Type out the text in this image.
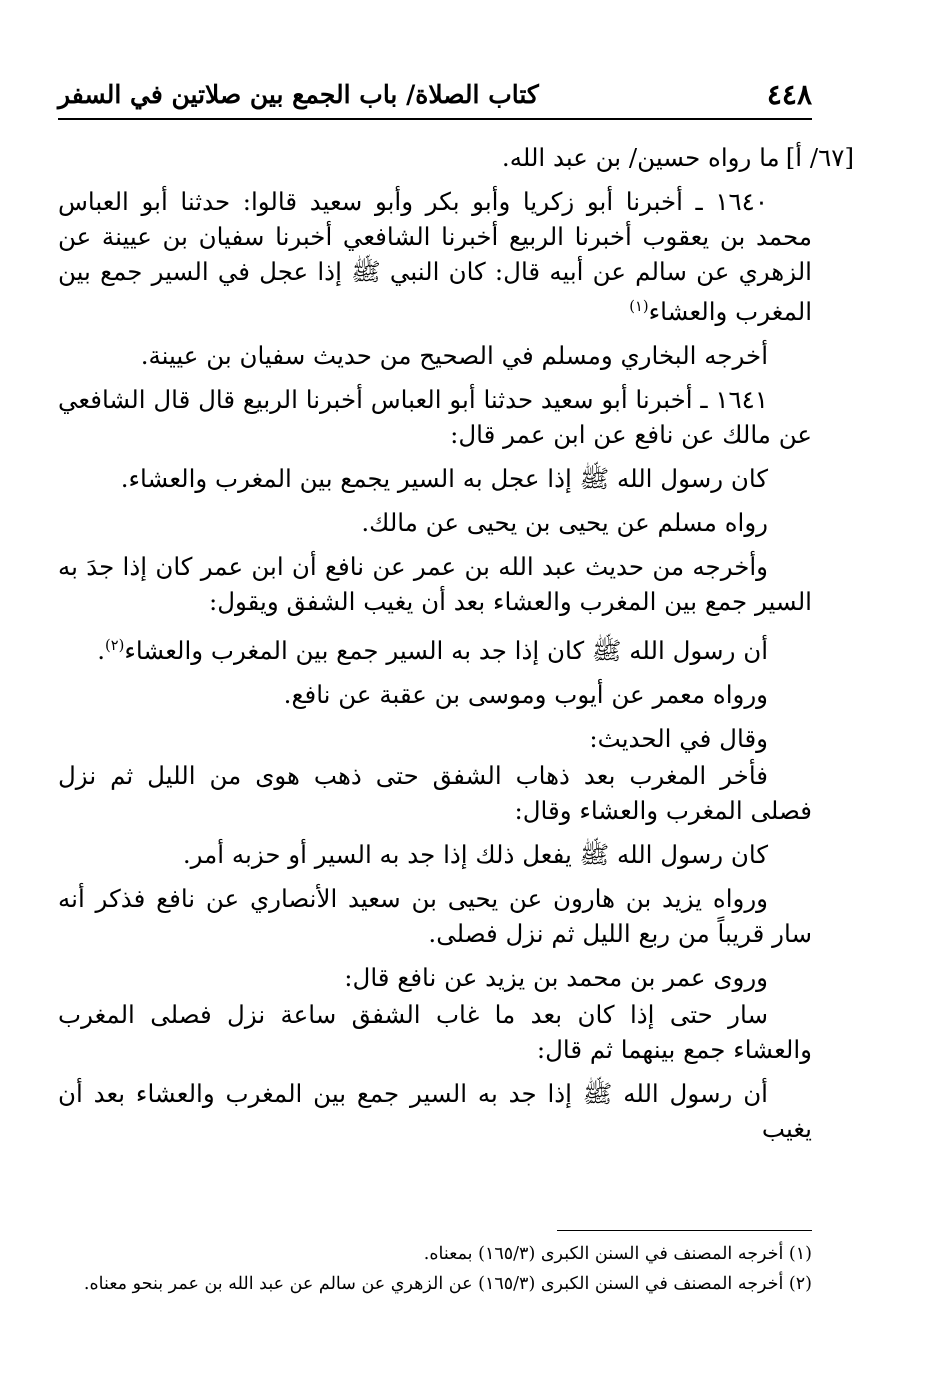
٤٤٨
كتاب الصلاة/ باب الجمع بين صلاتين في السفر

[٦٧/ أ]ما رواه حسين/ بن عبد الله.

١٦٤٠ ـ أخبرنا أبو زكريا وأبو بكر وأبو سعيد قالوا: حدثنا أبو العباس محمد بن يعقوب أخبرنا الربيع أخبرنا الشافعي أخبرنا سفيان بن عيينة عن الزهري عن سالم عن أبيه قال: كان النبي ﷺ إذا عجل في السير جمع بين المغرب والعشاء$^{(١)}$

أخرجه البخاري ومسلم في الصحيح من حديث سفيان بن عيينة.

١٦٤١ ـ أخبرنا أبو سعيد حدثنا أبو العباس أخبرنا الربيع قال قال الشافعي عن مالك عن نافع عن ابن عمر قال:

كان رسول الله ﷺ إذا عجل به السير يجمع بين المغرب والعشاء.

رواه مسلم عن يحيى بن يحيى عن مالك.

وأخرجه من حديث عبد الله بن عمر عن نافع أن ابن عمر كان إذا جدَ به السير جمع بين المغرب والعشاء بعد أن يغيب الشفق ويقول:

أن رسول الله ﷺ كان إذا جد به السير جمع بين المغرب والعشاء$^{(٢)}$.

ورواه معمر عن أيوب وموسى بن عقبة عن نافع.

وقال في الحديث:

فأخر المغرب بعد ذهاب الشفق حتى ذهب هوى من الليل ثم نزل فصلى المغرب والعشاء وقال:

كان رسول الله ﷺ يفعل ذلك إذا جد به السير أو حزبه أمر.

ورواه يزيد بن هارون عن يحيى بن سعيد الأنصاري عن نافع فذكر أنه سار قريباً من ربع الليل ثم نزل فصلى.

وروى عمر بن محمد بن يزيد عن نافع قال:

سار حتى إذا كان بعد ما غاب الشفق ساعة نزل فصلى المغرب والعشاء جمع بينهما ثم قال:

أن رسول الله ﷺ إذا جد به السير جمع بين المغرب والعشاء بعد أن يغيب

(١) أخرجه المصنف في السنن الكبرى (١٦٥/٣) بمعناه.

(٢) أخرجه المصنف في السنن الكبرى (١٦٥/٣) عن الزهري عن سالم عن عبد الله بن عمر بنحو معناه.
